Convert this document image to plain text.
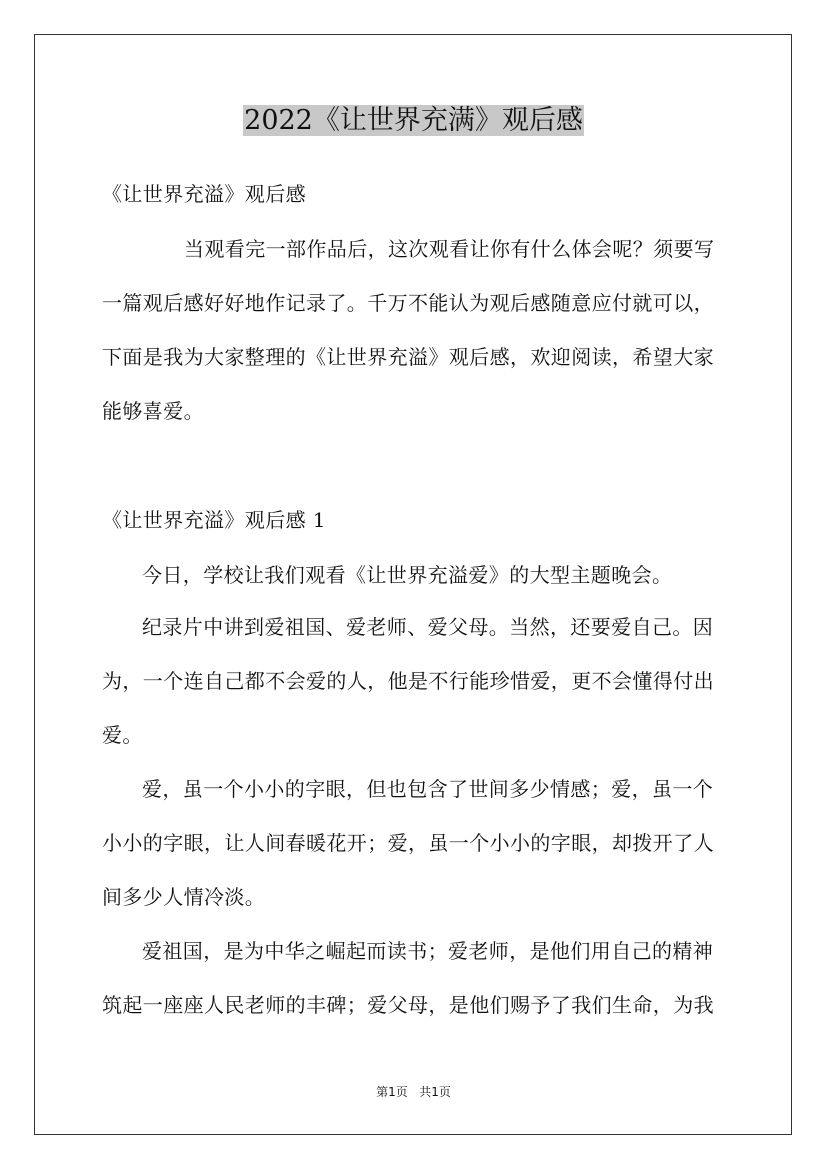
2022《让世界充满》观后感
《让世界充溢》观后感
当观看完一部作品后，这次观看让你有什么体会呢？须要写
一篇观后感好好地作记录了。千万不能认为观后感随意应付就可以，
下面是我为大家整理的《让世界充溢》观后感，欢迎阅读，希望大家
能够喜爱。
《让世界充溢》观后感 1
今日，学校让我们观看《让世界充溢爱》的大型主题晚会。
纪录片中讲到爱祖国、爱老师、爱父母。当然，还要爱自己。因
为，一个连自己都不会爱的人，他是不行能珍惜爱，更不会懂得付出
爱。
爱，虽一个小小的字眼，但也包含了世间多少情感；爱，虽一个
小小的字眼，让人间春暖花开；爱，虽一个小小的字眼，却拨开了人
间多少人情冷淡。
爱祖国，是为中华之崛起而读书；爱老师，是他们用自己的精神
筑起一座座人民老师的丰碑；爱父母，是他们赐予了我们生命，为我
第1页   共1页
